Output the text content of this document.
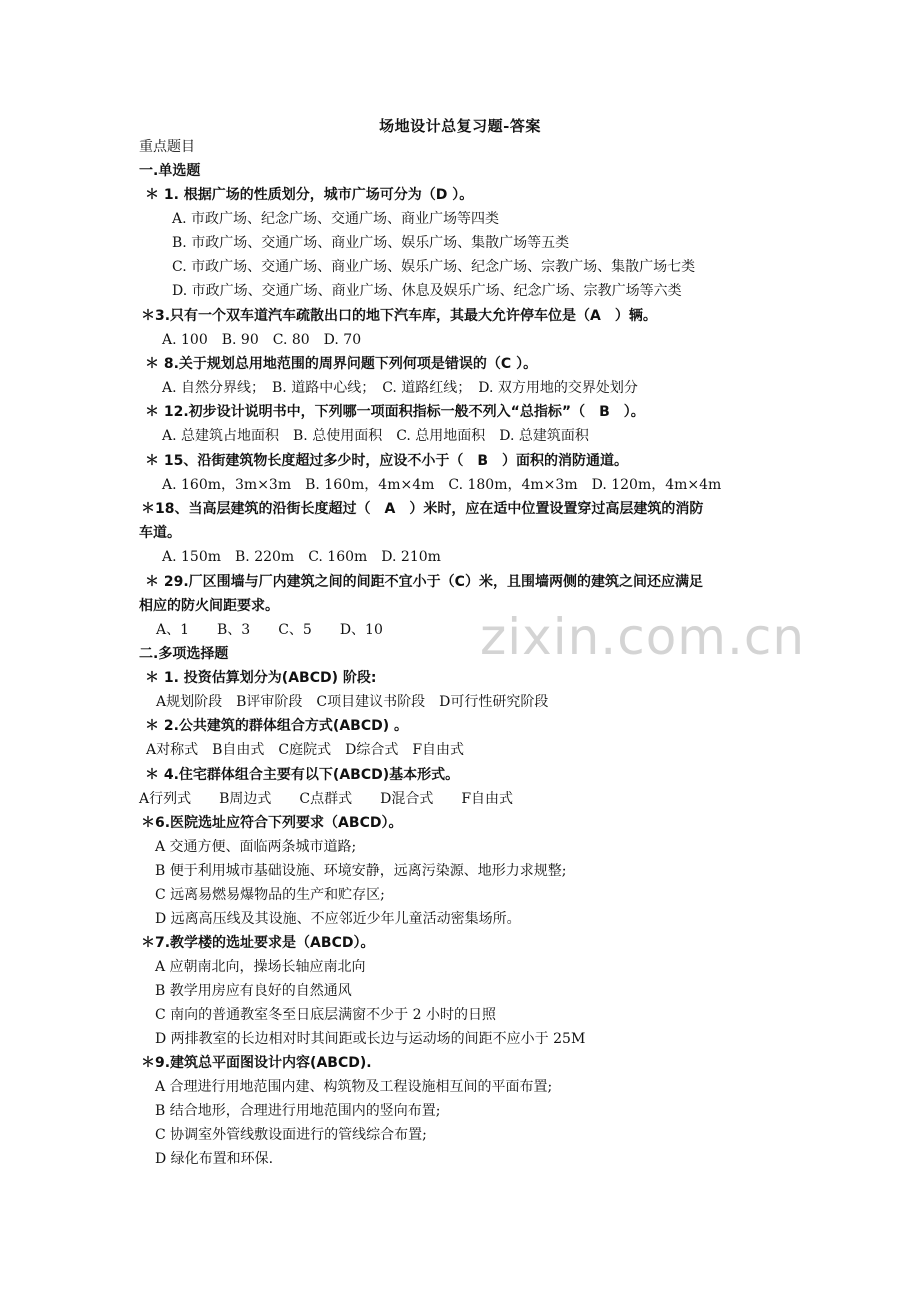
zixin.com.cn
场地设计总复习题-答案
重点题目
一.单选题
＊ 1. 根据广场的性质划分，城市广场可分为（D ）。
A. 市政广场、纪念广场、交通广场、商业广场等四类
B. 市政广场、交通广场、商业广场、娱乐广场、集散广场等五类
C. 市政广场、交通广场、商业广场、娱乐广场、纪念广场、宗教广场、集散广场七类
D. 市政广场、交通广场、商业广场、休息及娱乐广场、纪念广场、宗教广场等六类
＊3.只有一个双车道汽车疏散出口的地下汽车库，其最大允许停车位是（A　）辆。
A. 100　B. 90　C. 80　D. 70
＊ 8.关于规划总用地范围的周界问题下列何项是错误的（C ）。
A. 自然分界线；　B. 道路中心线；　C. 道路红线；　D. 双方用地的交界处划分
＊ 12.初步设计说明书中，下列哪一项面积指标一般不列入“总指标”（　B　）。
A. 总建筑占地面积　B. 总使用面积　C. 总用地面积　D. 总建筑面积
＊ 15、沿街建筑物长度超过多少时，应设不小于（　B　）面积的消防通道。
A. 160m，3m×3m　B. 160m，4m×4m　C. 180m，4m×3m　D. 120m，4m×4m
＊18、当高层建筑的沿街长度超过（　A　）米时，应在适中位置设置穿过高层建筑的消防
车道。
A. 150m　B. 220m　C. 160m　D. 210m
＊ 29.厂区围墙与厂内建筑之间的间距不宜小于（C）米，且围墙两侧的建筑之间还应满足
相应的防火间距要求。
A、1　　B、3　　C、5　　D、10
二.多项选择题
＊ 1. 投资估算划分为(ABCD) 阶段:
A规划阶段　B评审阶段　C项目建议书阶段　D可行性研究阶段
＊ 2.公共建筑的群体组合方式(ABCD) 。
A对称式　B自由式　C庭院式　D综合式　F自由式
＊ 4.住宅群体组合主要有以下(ABCD)基本形式。
A行列式　　B周边式　　C点群式　　D混合式　　F自由式
＊6.医院选址应符合下列要求（ABCD）。
A 交通方便、面临两条城市道路;
B 便于利用城市基础设施、环境安静，远离污染源、地形力求规整;
C 远离易燃易爆物品的生产和贮存区;
D 远离高压线及其设施、不应邻近少年儿童活动密集场所。
＊7.教学楼的选址要求是（ABCD）。
A 应朝南北向，操场长轴应南北向
B 教学用房应有良好的自然通风
C 南向的普通教室冬至日底层满窗不少于 2 小时的日照
D 两排教室的长边相对时其间距或长边与运动场的间距不应小于 25M
＊9.建筑总平面图设计内容(ABCD).
A 合理进行用地范围内建、构筑物及工程设施相互间的平面布置;
B 结合地形，合理进行用地范围内的竖向布置;
C 协调室外管线敷设面进行的管线综合布置;
D 绿化布置和环保.
